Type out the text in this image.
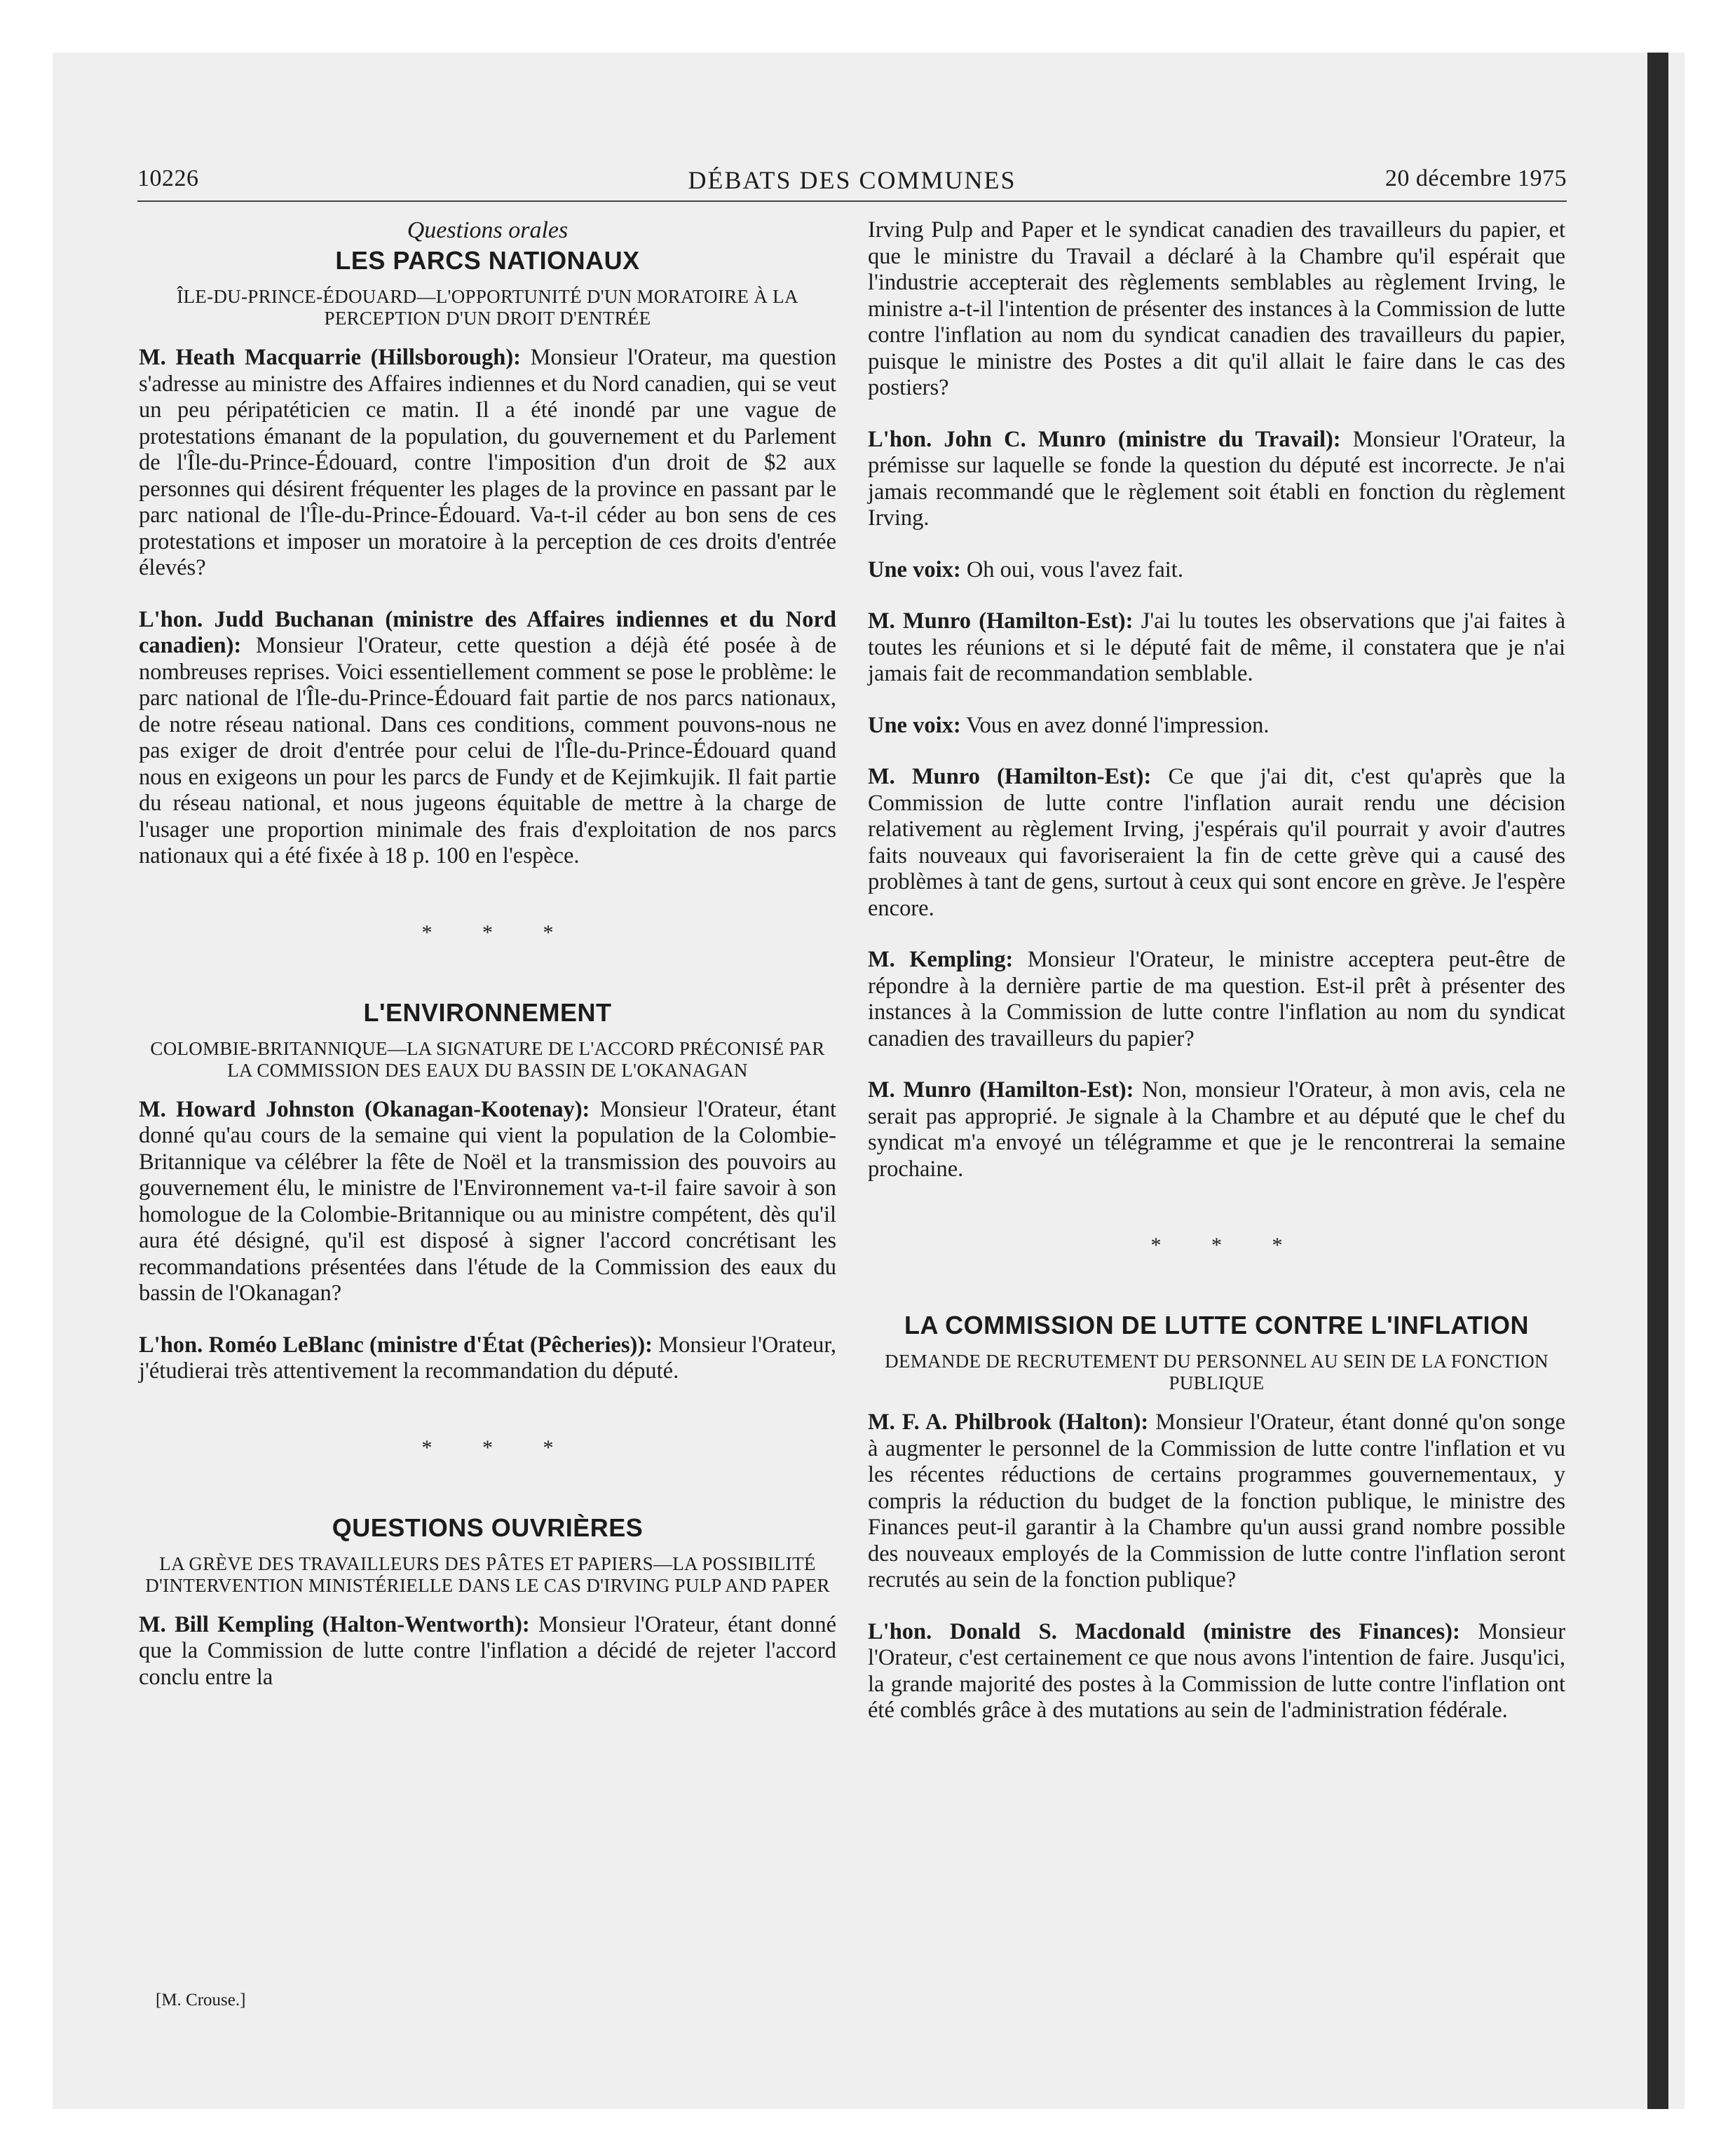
10226	DÉBATS DES COMMUNES	20 décembre 1975
Questions orales
LES PARCS NATIONAUX
ÎLE-DU-PRINCE-ÉDOUARD—L'OPPORTUNITÉ D'UN MORATOIRE À LA PERCEPTION D'UN DROIT D'ENTRÉE

M. Heath Macquarrie (Hillsborough): Monsieur l'Orateur, ma question s'adresse au ministre des Affaires indiennes et du Nord canadien, qui se veut un peu péripatéticien ce matin. Il a été inondé par une vague de protestations émanant de la population, du gouvernement et du Parlement de l'Île-du-Prince-Édouard, contre l'imposition d'un droit de $2 aux personnes qui désirent fréquenter les plages de la province en passant par le parc national de l'Île-du-Prince-Édouard. Va-t-il céder au bon sens de ces protestations et imposer un moratoire à la perception de ces droits d'entrée élevés?

L'hon. Judd Buchanan (ministre des Affaires indiennes et du Nord canadien): Monsieur l'Orateur, cette question a déjà été posée à de nombreuses reprises. Voici essentiellement comment se pose le problème: le parc national de l'Île-du-Prince-Édouard fait partie de nos parcs nationaux, de notre réseau national. Dans ces conditions, comment pouvons-nous ne pas exiger de droit d'entrée pour celui de l'Île-du-Prince-Édouard quand nous en exigeons un pour les parcs de Fundy et de Kejimkujik. Il fait partie du réseau national, et nous jugeons équitable de mettre à la charge de l'usager une proportion minimale des frais d'exploitation de nos parcs nationaux qui a été fixée à 18 p. 100 en l'espèce.

* * *
L'ENVIRONNEMENT
COLOMBIE-BRITANNIQUE—LA SIGNATURE DE L'ACCORD PRÉCONISÉ PAR LA COMMISSION DES EAUX DU BASSIN DE L'OKANAGAN

M. Howard Johnston (Okanagan-Kootenay): Monsieur l'Orateur, étant donné qu'au cours de la semaine qui vient la population de la Colombie-Britannique va célébrer la fête de Noël et la transmission des pouvoirs au gouvernement élu, le ministre de l'Environnement va-t-il faire savoir à son homologue de la Colombie-Britannique ou au ministre compétent, dès qu'il aura été désigné, qu'il est disposé à signer l'accord concrétisant les recommandations présentées dans l'étude de la Commission des eaux du bassin de l'Okanagan?

L'hon. Roméo LeBlanc (ministre d'État (Pêcheries)): Monsieur l'Orateur, j'étudierai très attentivement la recommandation du député.

* * *
QUESTIONS OUVRIÈRES
LA GRÈVE DES TRAVAILLEURS DES PÂTES ET PAPIERS—LA POSSIBILITÉ D'INTERVENTION MINISTÉRIELLE DANS LE CAS D'IRVING PULP AND PAPER

M. Bill Kempling (Halton-Wentworth): Monsieur l'Orateur, étant donné que la Commission de lutte contre l'inflation a décidé de rejeter l'accord conclu entre la

[M. Crouse.]

Irving Pulp and Paper et le syndicat canadien des travailleurs du papier, et que le ministre du Travail a déclaré à la Chambre qu'il espérait que l'industrie accepterait des règlements semblables au règlement Irving, le ministre a-t-il l'intention de présenter des instances à la Commission de lutte contre l'inflation au nom du syndicat canadien des travailleurs du papier, puisque le ministre des Postes a dit qu'il allait le faire dans le cas des postiers?

L'hon. John C. Munro (ministre du Travail): Monsieur l'Orateur, la prémisse sur laquelle se fonde la question du député est incorrecte. Je n'ai jamais recommandé que le règlement soit établi en fonction du règlement Irving.

Une voix: Oh oui, vous l'avez fait.

M. Munro (Hamilton-Est): J'ai lu toutes les observations que j'ai faites à toutes les réunions et si le député fait de même, il constatera que je n'ai jamais fait de recommandation semblable.

Une voix: Vous en avez donné l'impression.

M. Munro (Hamilton-Est): Ce que j'ai dit, c'est qu'après que la Commission de lutte contre l'inflation aurait rendu une décision relativement au règlement Irving, j'espérais qu'il pourrait y avoir d'autres faits nouveaux qui favoriseraient la fin de cette grève qui a causé des problèmes à tant de gens, surtout à ceux qui sont encore en grève. Je l'espère encore.

M. Kempling: Monsieur l'Orateur, le ministre acceptera peut-être de répondre à la dernière partie de ma question. Est-il prêt à présenter des instances à la Commission de lutte contre l'inflation au nom du syndicat canadien des travailleurs du papier?

M. Munro (Hamilton-Est): Non, monsieur l'Orateur, à mon avis, cela ne serait pas approprié. Je signale à la Chambre et au député que le chef du syndicat m'a envoyé un télégramme et que je le rencontrerai la semaine prochaine.

* * *
LA COMMISSION DE LUTTE CONTRE L'INFLATION
DEMANDE DE RECRUTEMENT DU PERSONNEL AU SEIN DE LA FONCTION PUBLIQUE

M. F. A. Philbrook (Halton): Monsieur l'Orateur, étant donné qu'on songe à augmenter le personnel de la Commission de lutte contre l'inflation et vu les récentes réductions de certains programmes gouvernementaux, y compris la réduction du budget de la fonction publique, le ministre des Finances peut-il garantir à la Chambre qu'un aussi grand nombre possible des nouveaux employés de la Commission de lutte contre l'inflation seront recrutés au sein de la fonction publique?

L'hon. Donald S. Macdonald (ministre des Finances): Monsieur l'Orateur, c'est certainement ce que nous avons l'intention de faire. Jusqu'ici, la grande majorité des postes à la Commission de lutte contre l'inflation ont été comblés grâce à des mutations au sein de l'administration fédérale.
